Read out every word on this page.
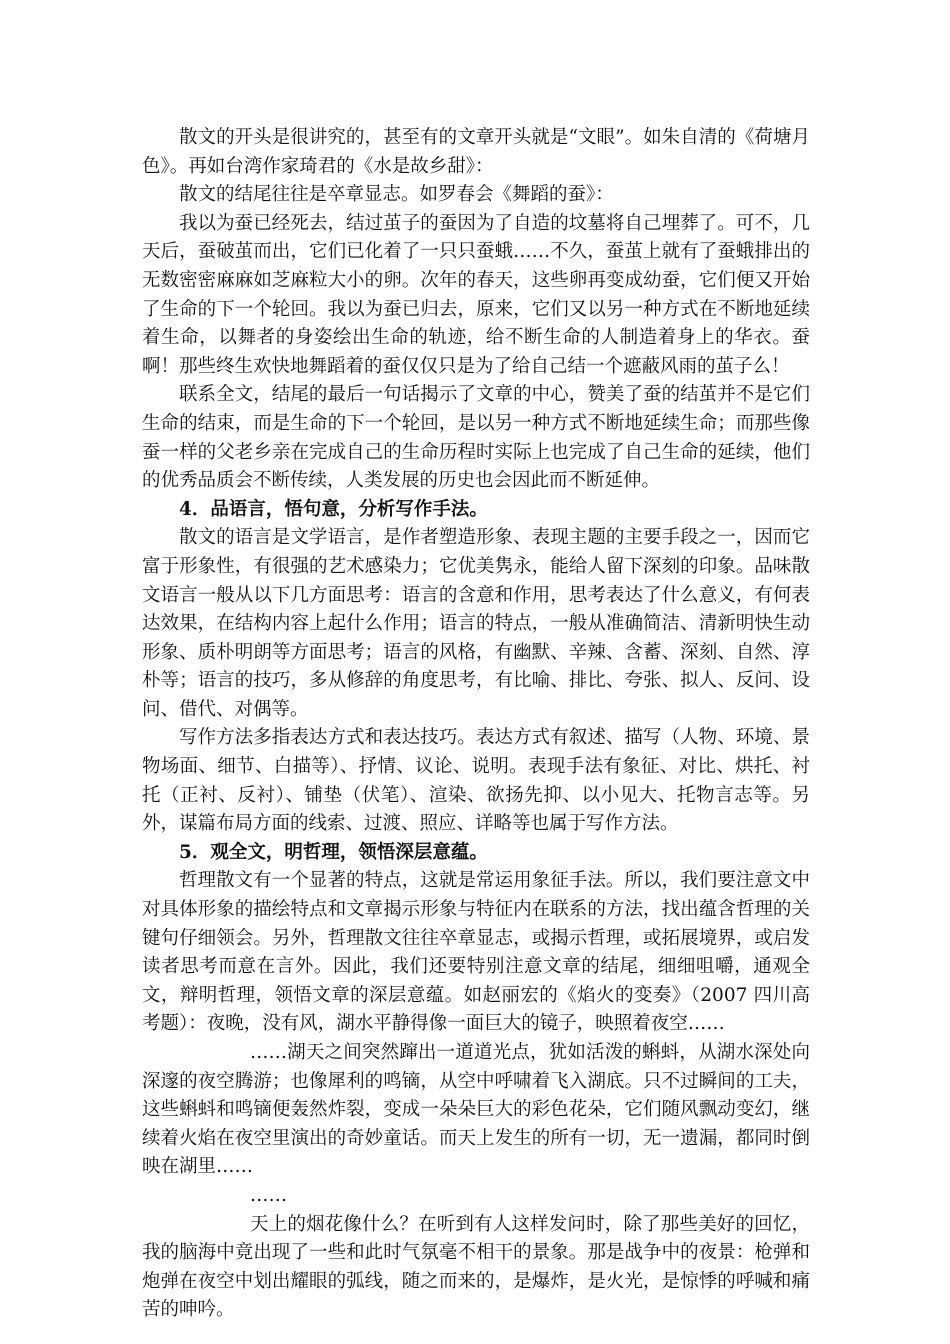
散文的开头是很讲究的，甚至有的文章开头就是“文眼”。如朱自清的《荷塘月色》。再如台湾作家琦君的《水是故乡甜》：

散文的结尾往往是卒章显志。如罗春会《舞蹈的蚕》：

我以为蚕已经死去，结过茧子的蚕因为了自造的坟墓将自己埋葬了。可不，几天后，蚕破茧而出，它们已化着了一只只蚕蛾……不久，蚕茧上就有了蚕蛾排出的无数密密麻麻如芝麻粒大小的卵。次年的春天，这些卵再变成幼蚕，它们便又开始了生命的下一个轮回。我以为蚕已归去，原来，它们又以另一种方式在不断地延续着生命，以舞者的身姿绘出生命的轨迹，给不断生命的人制造着身上的华衣。蚕啊！那些终生欢快地舞蹈着的蚕仅仅只是为了给自己结一个遮蔽风雨的茧子么！

联系全文，结尾的最后一句话揭示了文章的中心，赞美了蚕的结茧并不是它们生命的结束，而是生命的下一个轮回，是以另一种方式不断地延续生命；而那些像蚕一样的父老乡亲在完成自己的生命历程时实际上也完成了自己生命的延续，他们的优秀品质会不断传续，人类发展的历史也会因此而不断延伸。

4．品语言，悟句意，分析写作手法。

散文的语言是文学语言，是作者塑造形象、表现主题的主要手段之一，因而它富于形象性，有很强的艺术感染力；它优美隽永，能给人留下深刻的印象。品味散文语言一般从以下几方面思考：语言的含意和作用，思考表达了什么意义，有何表达效果，在结构内容上起什么作用；语言的特点，一般从准确简洁、清新明快生动形象、质朴明朗等方面思考；语言的风格，有幽默、辛辣、含蓄、深刻、自然、淳朴等；语言的技巧，多从修辞的角度思考，有比喻、排比、夸张、拟人、反问、设问、借代、对偶等。

写作方法多指表达方式和表达技巧。表达方式有叙述、描写（人物、环境、景物场面、细节、白描等）、抒情、议论、说明。表现手法有象征、对比、烘托、衬托（正衬、反衬）、铺垫（伏笔）、渲染、欲扬先抑、以小见大、托物言志等。另外，谋篇布局方面的线索、过渡、照应、详略等也属于写作方法。

5．观全文，明哲理，领悟深层意蕴。

哲理散文有一个显著的特点，这就是常运用象征手法。所以，我们要注意文中对具体形象的描绘特点和文章揭示形象与特征内在联系的方法，找出蕴含哲理的关键句仔细领会。另外，哲理散文往往卒章显志，或揭示哲理，或拓展境界，或启发读者思考而意在言外。因此，我们还要特别注意文章的结尾，细细咀嚼，通观全文，辩明哲理，领悟文章的深层意蕴。如赵丽宏的《焰火的变奏》（2007 四川高考题）：夜晚，没有风，湖水平静得像一面巨大的镜子，映照着夜空……

……湖天之间突然蹿出一道道光点，犹如活泼的蝌蚪，从湖水深处向深邃的夜空腾游；也像犀利的鸣镝，从空中呼啸着飞入湖底。只不过瞬间的工夫，这些蝌蚪和鸣镝便轰然炸裂，变成一朵朵巨大的彩色花朵，它们随风飘动变幻，继续着火焰在夜空里演出的奇妙童话。而天上发生的所有一切，无一遗漏，都同时倒映在湖里……

……

天上的烟花像什么？在听到有人这样发问时，除了那些美好的回忆，我的脑海中竟出现了一些和此时气氛毫不相干的景象。那是战争中的夜景：枪弹和炮弹在夜空中划出耀眼的弧线，随之而来的，是爆炸，是火光，是惊悸的呼喊和痛苦的呻吟。
